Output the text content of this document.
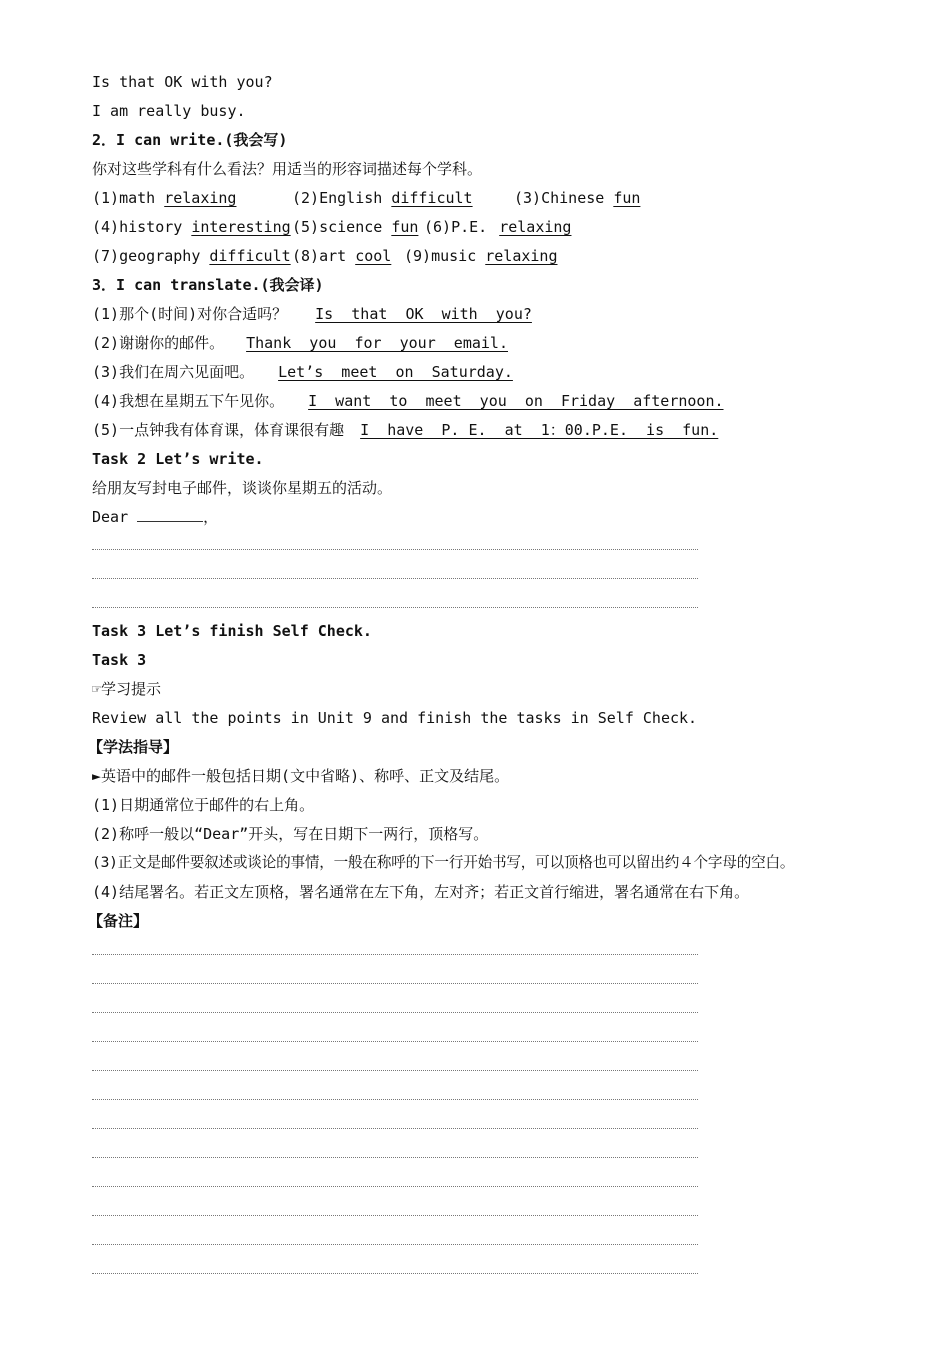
Is that OK with you?
I am really busy.
2．I can write.(我会写)
你对这些学科有什么看法？用适当的形容词描述每个学科。
(1)math relaxing	(2)English difficult	(3)Chinese fun
(4)history interesting(5)science fun (6)P.E. relaxing
(7)geography difficult(8)art cool (9)music relaxing
3．I can translate.(我会译)
(1)那个(时间)对你合适吗？ Is  that  OK  with  you?
(2)谢谢你的邮件。 Thank  you  for  your  email.
(3)我们在周六见面吧。 Let’s  meet  on  Saturday.
(4)我想在星期五下午见你。 I  want  to  meet  you  on  Friday  afternoon.
(5)一点钟我有体育课，体育课很有趣 I  have  P. E.  at  1：00.P.E.  is  fun.
Task 2 Let’s write.
给朋友写封电子邮件，谈谈你星期五的活动。
Dear	，
Task 3 Let’s finish Self Check.
Task 3
☞学习提示
Review all the points in Unit 9 and finish the tasks in Self Check.
【学法指导】
►英语中的邮件一般包括日期(文中省略)、称呼、正文及结尾。
(1)日期通常位于邮件的右上角。
(2)称呼一般以“Dear”开头，写在日期下一两行，顶格写。
(3)正文是邮件要叙述或谈论的事情，一般在称呼的下一行开始书写，可以顶格也可以留出约４个字母的空白。
(4)结尾署名。若正文左顶格，署名通常在左下角，左对齐；若正文首行缩进，署名通常在右下角。
【备注】
